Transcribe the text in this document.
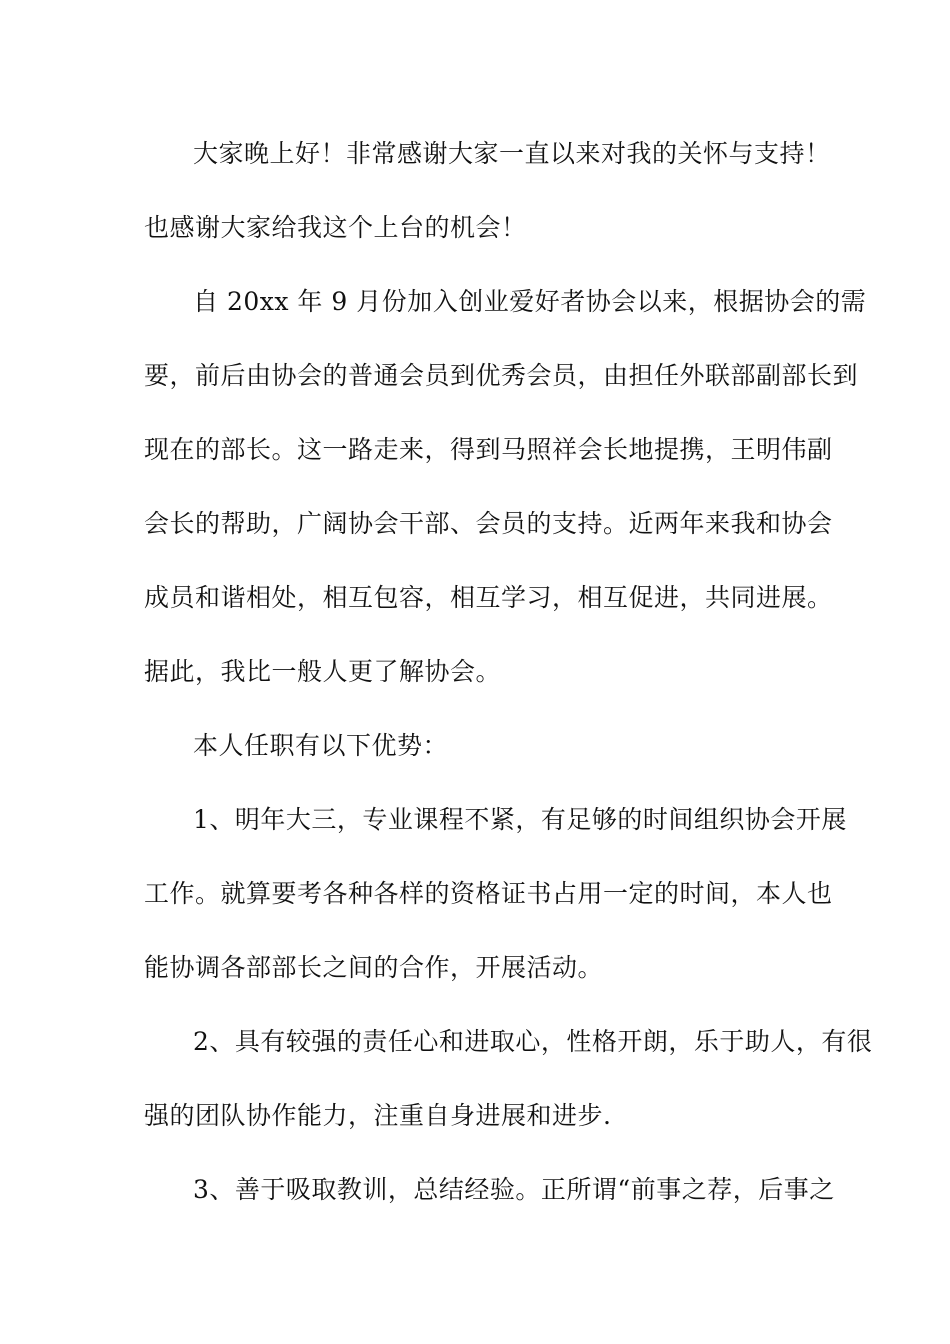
大家晚上好！非常感谢大家一直以来对我的关怀与支持！
也感谢大家给我这个上台的机会！
自 20xx 年 9 月份加入创业爱好者协会以来，根据协会的需
要，前后由协会的普通会员到优秀会员，由担任外联部副部长到
现在的部长。这一路走来，得到马照祥会长地提携，王明伟副
会长的帮助，广阔协会干部、会员的支持。近两年来我和协会
成员和谐相处，相互包容，相互学习，相互促进，共同进展。
据此，我比一般人更了解协会。
本人任职有以下优势：
1、明年大三，专业课程不紧，有足够的时间组织协会开展
工作。就算要考各种各样的资格证书占用一定的时间，本人也
能协调各部部长之间的合作，开展活动。
2、具有较强的责任心和进取心，性格开朗，乐于助人，有很
强的团队协作能力，注重自身进展和进步.
3、善于吸取教训，总结经验。正所谓“前事之荐，后事之
